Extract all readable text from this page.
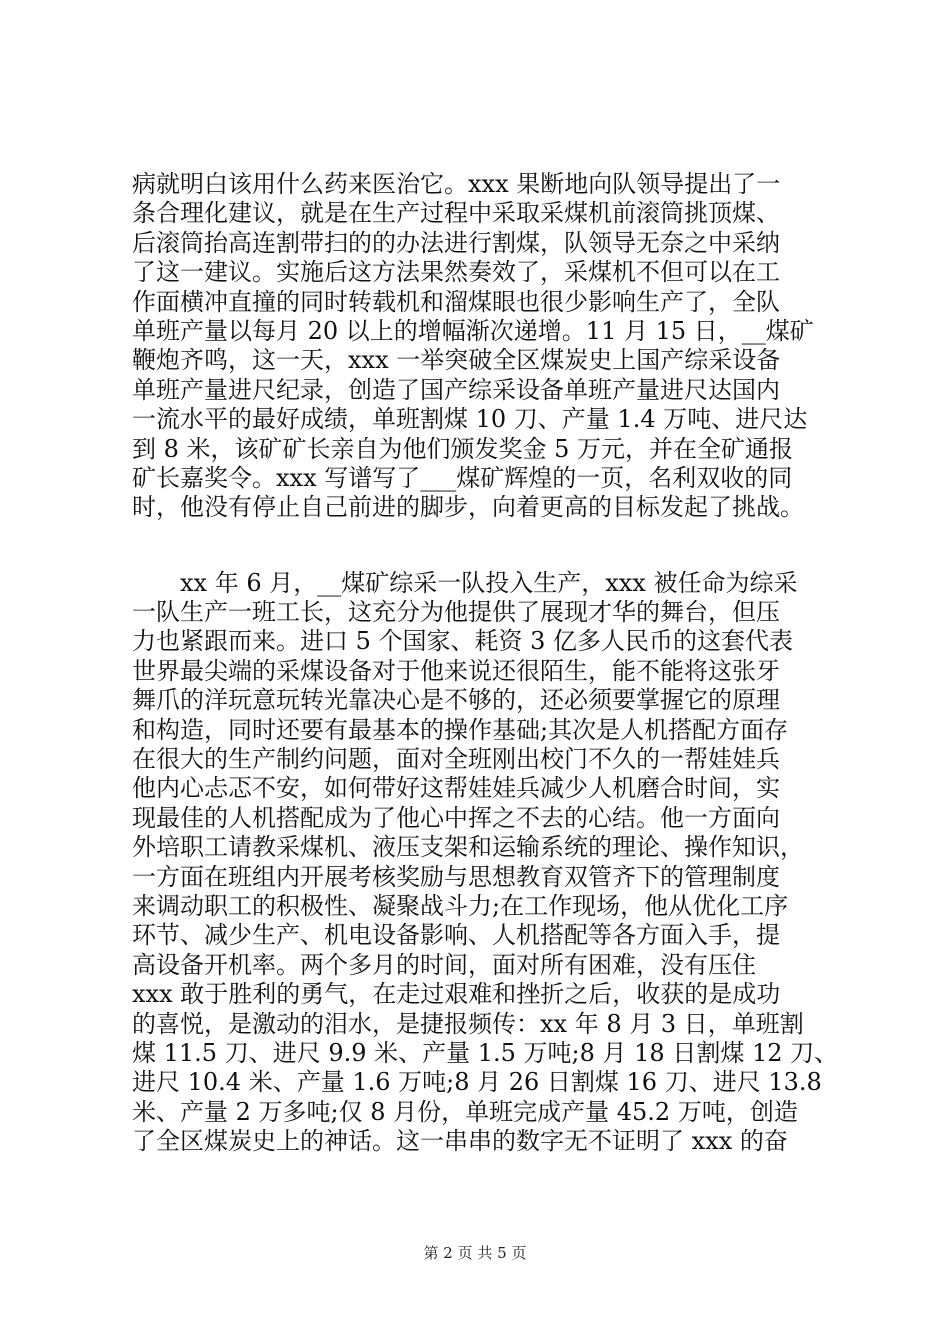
病就明白该用什么药来医治它。xxx 果断地向队领导提出了一
条合理化建议，就是在生产过程中采取采煤机前滚筒挑顶煤、
后滚筒抬高连割带扫的的办法进行割煤，队领导无奈之中采纳
了这一建议。实施后这方法果然奏效了，采煤机不但可以在工
作面横冲直撞的同时转载机和溜煤眼也很少影响生产了，全队
单班产量以每月 20 以上的增幅渐次递增。11 月 15 日，__煤矿
鞭炮齐鸣，这一天，xxx 一举突破全区煤炭史上国产综采设备
单班产量进尺纪录，创造了国产综采设备单班产量进尺达国内
一流水平的最好成绩，单班割煤 10 刀、产量 1.4 万吨、进尺达
到 8 米，该矿矿长亲自为他们颁发奖金 5 万元，并在全矿通报
矿长嘉奖令。xxx 写谱写了___煤矿辉煌的一页，名利双收的同
时，他没有停止自己前进的脚步，向着更高的目标发起了挑战。
　　xx 年 6 月，__煤矿综采一队投入生产，xxx 被任命为综采
一队生产一班工长，这充分为他提供了展现才华的舞台，但压
力也紧跟而来。进口 5 个国家、耗资 3 亿多人民币的这套代表
世界最尖端的采煤设备对于他来说还很陌生，能不能将这张牙
舞爪的洋玩意玩转光靠决心是不够的，还必须要掌握它的原理
和构造，同时还要有最基本的操作基础;其次是人机搭配方面存
在很大的生产制约问题，面对全班刚出校门不久的一帮娃娃兵
他内心忐忑不安，如何带好这帮娃娃兵减少人机磨合时间，实
现最佳的人机搭配成为了他心中挥之不去的心结。他一方面向
外培职工请教采煤机、液压支架和运输系统的理论、操作知识，
一方面在班组内开展考核奖励与思想教育双管齐下的管理制度
来调动职工的积极性、凝聚战斗力;在工作现场，他从优化工序
环节、减少生产、机电设备影响、人机搭配等各方面入手，提
高设备开机率。两个多月的时间，面对所有困难，没有压住
xxx 敢于胜利的勇气，在走过艰难和挫折之后，收获的是成功
的喜悦，是激动的泪水，是捷报频传：xx 年 8 月 3 日，单班割
煤 11.5 刀、进尺 9.9 米、产量 1.5 万吨;8 月 18 日割煤 12 刀、
进尺 10.4 米、产量 1.6 万吨;8 月 26 日割煤 16 刀、进尺 13.8
米、产量 2 万多吨;仅 8 月份，单班完成产量 45.2 万吨，创造
了全区煤炭史上的神话。这一串串的数字无不证明了 xxx 的奋
第 2 页 共 5 页
